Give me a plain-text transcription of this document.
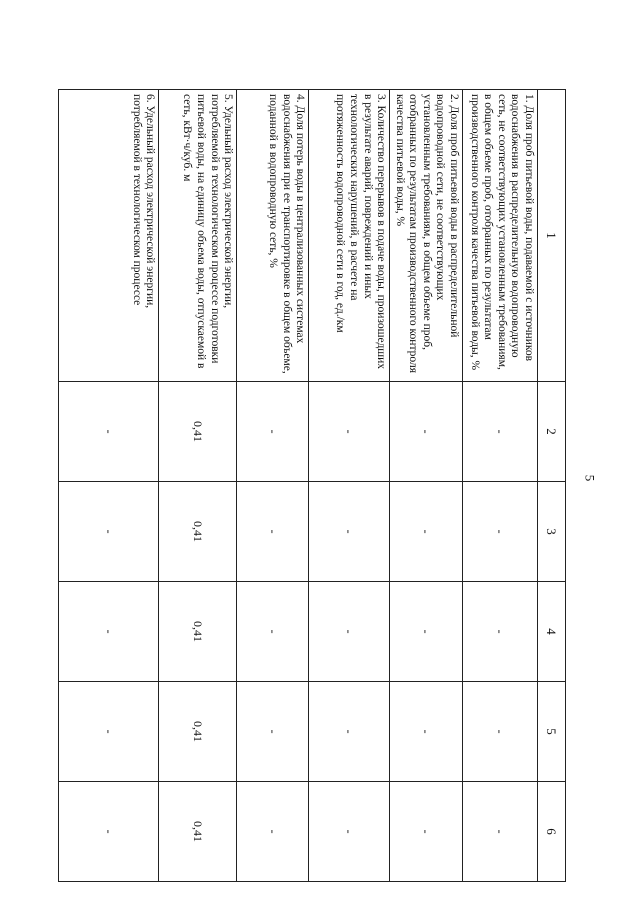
5
1	2	3	4	5	6
1. Доля проб питьевой воды, подаваемой с источников водоснабжения в распределительную водопроводную сеть, не соответствующих установленным требованиям, в общем объеме проб, отобранных по результатам производственного контроля качества питьевой воды, %	-	-	-	-	-
2. Доля проб питьевой воды в распределительной водопроводной сети, не соответствующих установленным требованиям, в общем объеме проб, отобранных по результатам производственного контроля качества питьевой воды, %	-	-	-	-	-
3. Количество перерывов в подаче воды, произошедших в результате аварий, повреждений и иных технологических нарушений, в расчете на протяженность водопроводной сети в год, ед./км	-	-	-	-	-
4. Доля потерь воды в централизованных системах водоснабжения при ее транспортировке в общем объеме, поданной в водопроводную сеть, %	-	-	-	-	-
5. Удельный расход электрической энергии, потребляемой в технологическом процессе подготовки питьевой воды, на единицу объема воды, отпускаемой в сеть, кВт·ч/куб. м	0,41	0,41	0,41	0,41	0,41
6. Удельный расход электрической энергии, потребляемой в технологическом процессе	-	-	-	-	-
